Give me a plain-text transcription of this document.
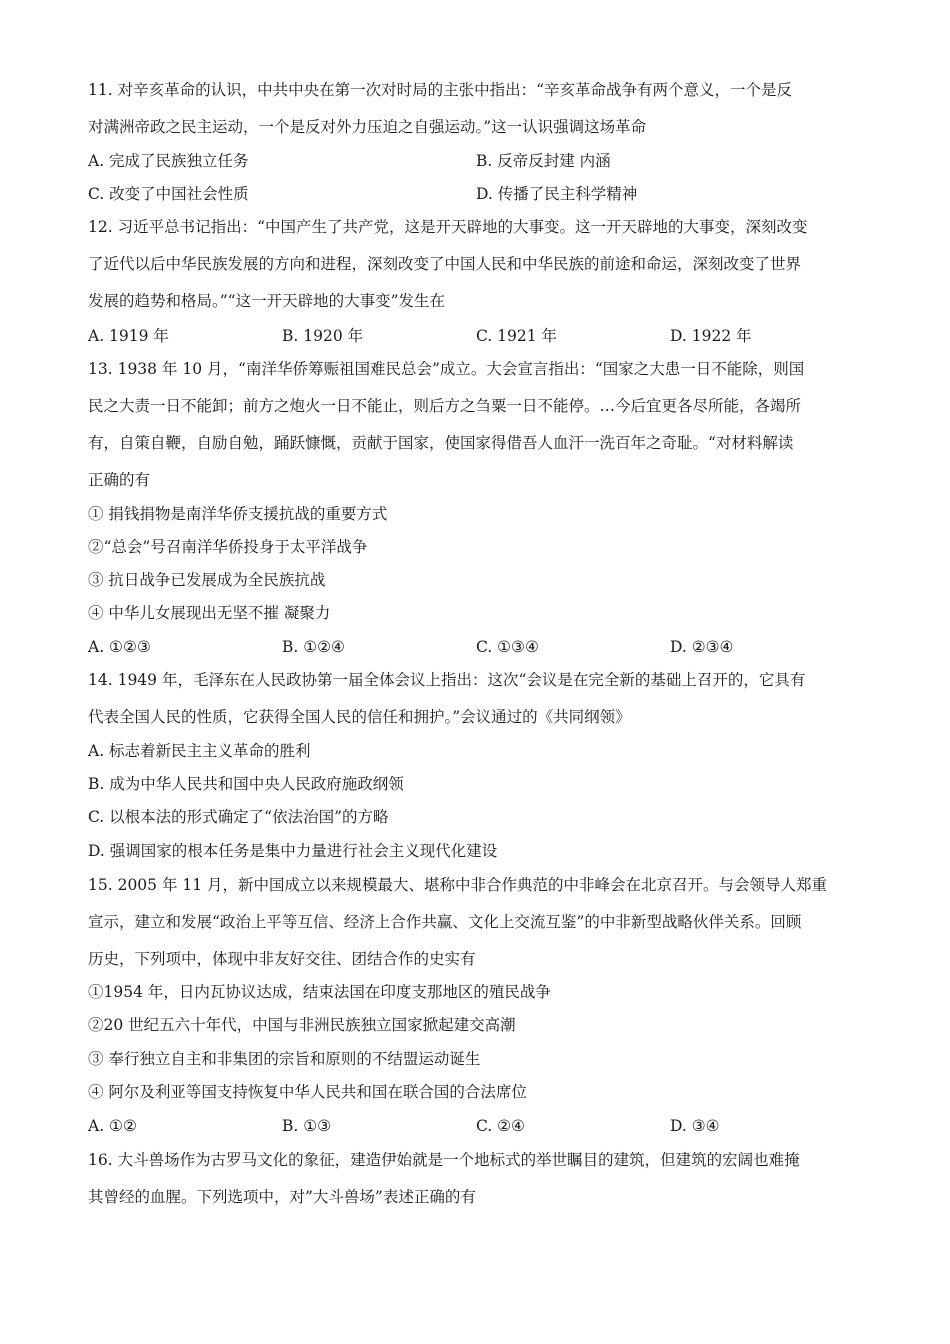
11. 对辛亥革命的认识，中共中央在第一次对时局的主张中指出：“辛亥革命战争有两个意义，一个是反
对满洲帝政之民主运动，一个是反对外力压迫之自强运动。”这一认识强调这场革命
A. 完成了民族独立任务	B. 反帝反封建 内涵
C. 改变了中国社会性质	D. 传播了民主科学精神
12. 习近平总书记指出：“中国产生了共产党，这是开天辟地的大事变。这一开天辟地的大事变，深刻改变
了近代以后中华民族发展的方向和进程，深刻改变了中国人民和中华民族的前途和命运，深刻改变了世界
发展的趋势和格局。”“这一开天辟地的大事变”发生在
A. 1919 年	B. 1920 年	C. 1921 年	D. 1922 年
13. 1938 年 10 月，“南洋华侨筹赈祖国难民总会”成立。大会宣言指出：“国家之大患一日不能除，则国
民之大责一日不能卸；前方之炮火一日不能止，则后方之刍粟一日不能停。…今后宜更各尽所能，各竭所
有，自策自鞭，自励自勉，踊跃慷慨，贡献于国家，使国家得借吾人血汗一洗百年之奇耻。“对材料解读
正确的有
① 捐钱捐物是南洋华侨支援抗战的重要方式
②“总会”号召南洋华侨投身于太平洋战争
③ 抗日战争已发展成为全民族抗战
④ 中华儿女展现出无坚不摧 凝聚力
A. ①②③	B. ①②④	C. ①③④	D. ②③④
14. 1949 年，毛泽东在人民政协第一届全体会议上指出：这次“会议是在完全新的基础上召开的，它具有
代表全国人民的性质，它获得全国人民的信任和拥护。”会议通过的《共同纲领》
A. 标志着新民主主义革命的胜利
B. 成为中华人民共和国中央人民政府施政纲领
C. 以根本法的形式确定了“依法治国”的方略
D. 强调国家的根本任务是集中力量进行社会主义现代化建设
15. 2005 年 11 月，新中国成立以来规模最大、堪称中非合作典范的中非峰会在北京召开。与会领导人郑重
宣示，建立和发展“政治上平等互信、经济上合作共赢、文化上交流互鉴”的中非新型战略伙伴关系。回顾
历史，下列项中，体现中非友好交往、团结合作的史实有
①1954 年，日内瓦协议达成，结束法国在印度支那地区的殖民战争
②20 世纪五六十年代，中国与非洲民族独立国家掀起建交高潮
③ 奉行独立自主和非集团的宗旨和原则的不结盟运动诞生
④ 阿尔及利亚等国支持恢复中华人民共和国在联合国的合法席位
A. ①②	B. ①③	C. ②④	D. ③④
16. 大斗兽场作为古罗马文化的象征，建造伊始就是一个地标式的举世瞩目的建筑，但建筑的宏阔也难掩
其曾经的血腥。下列选项中，对”大斗兽场”表述正确的有
